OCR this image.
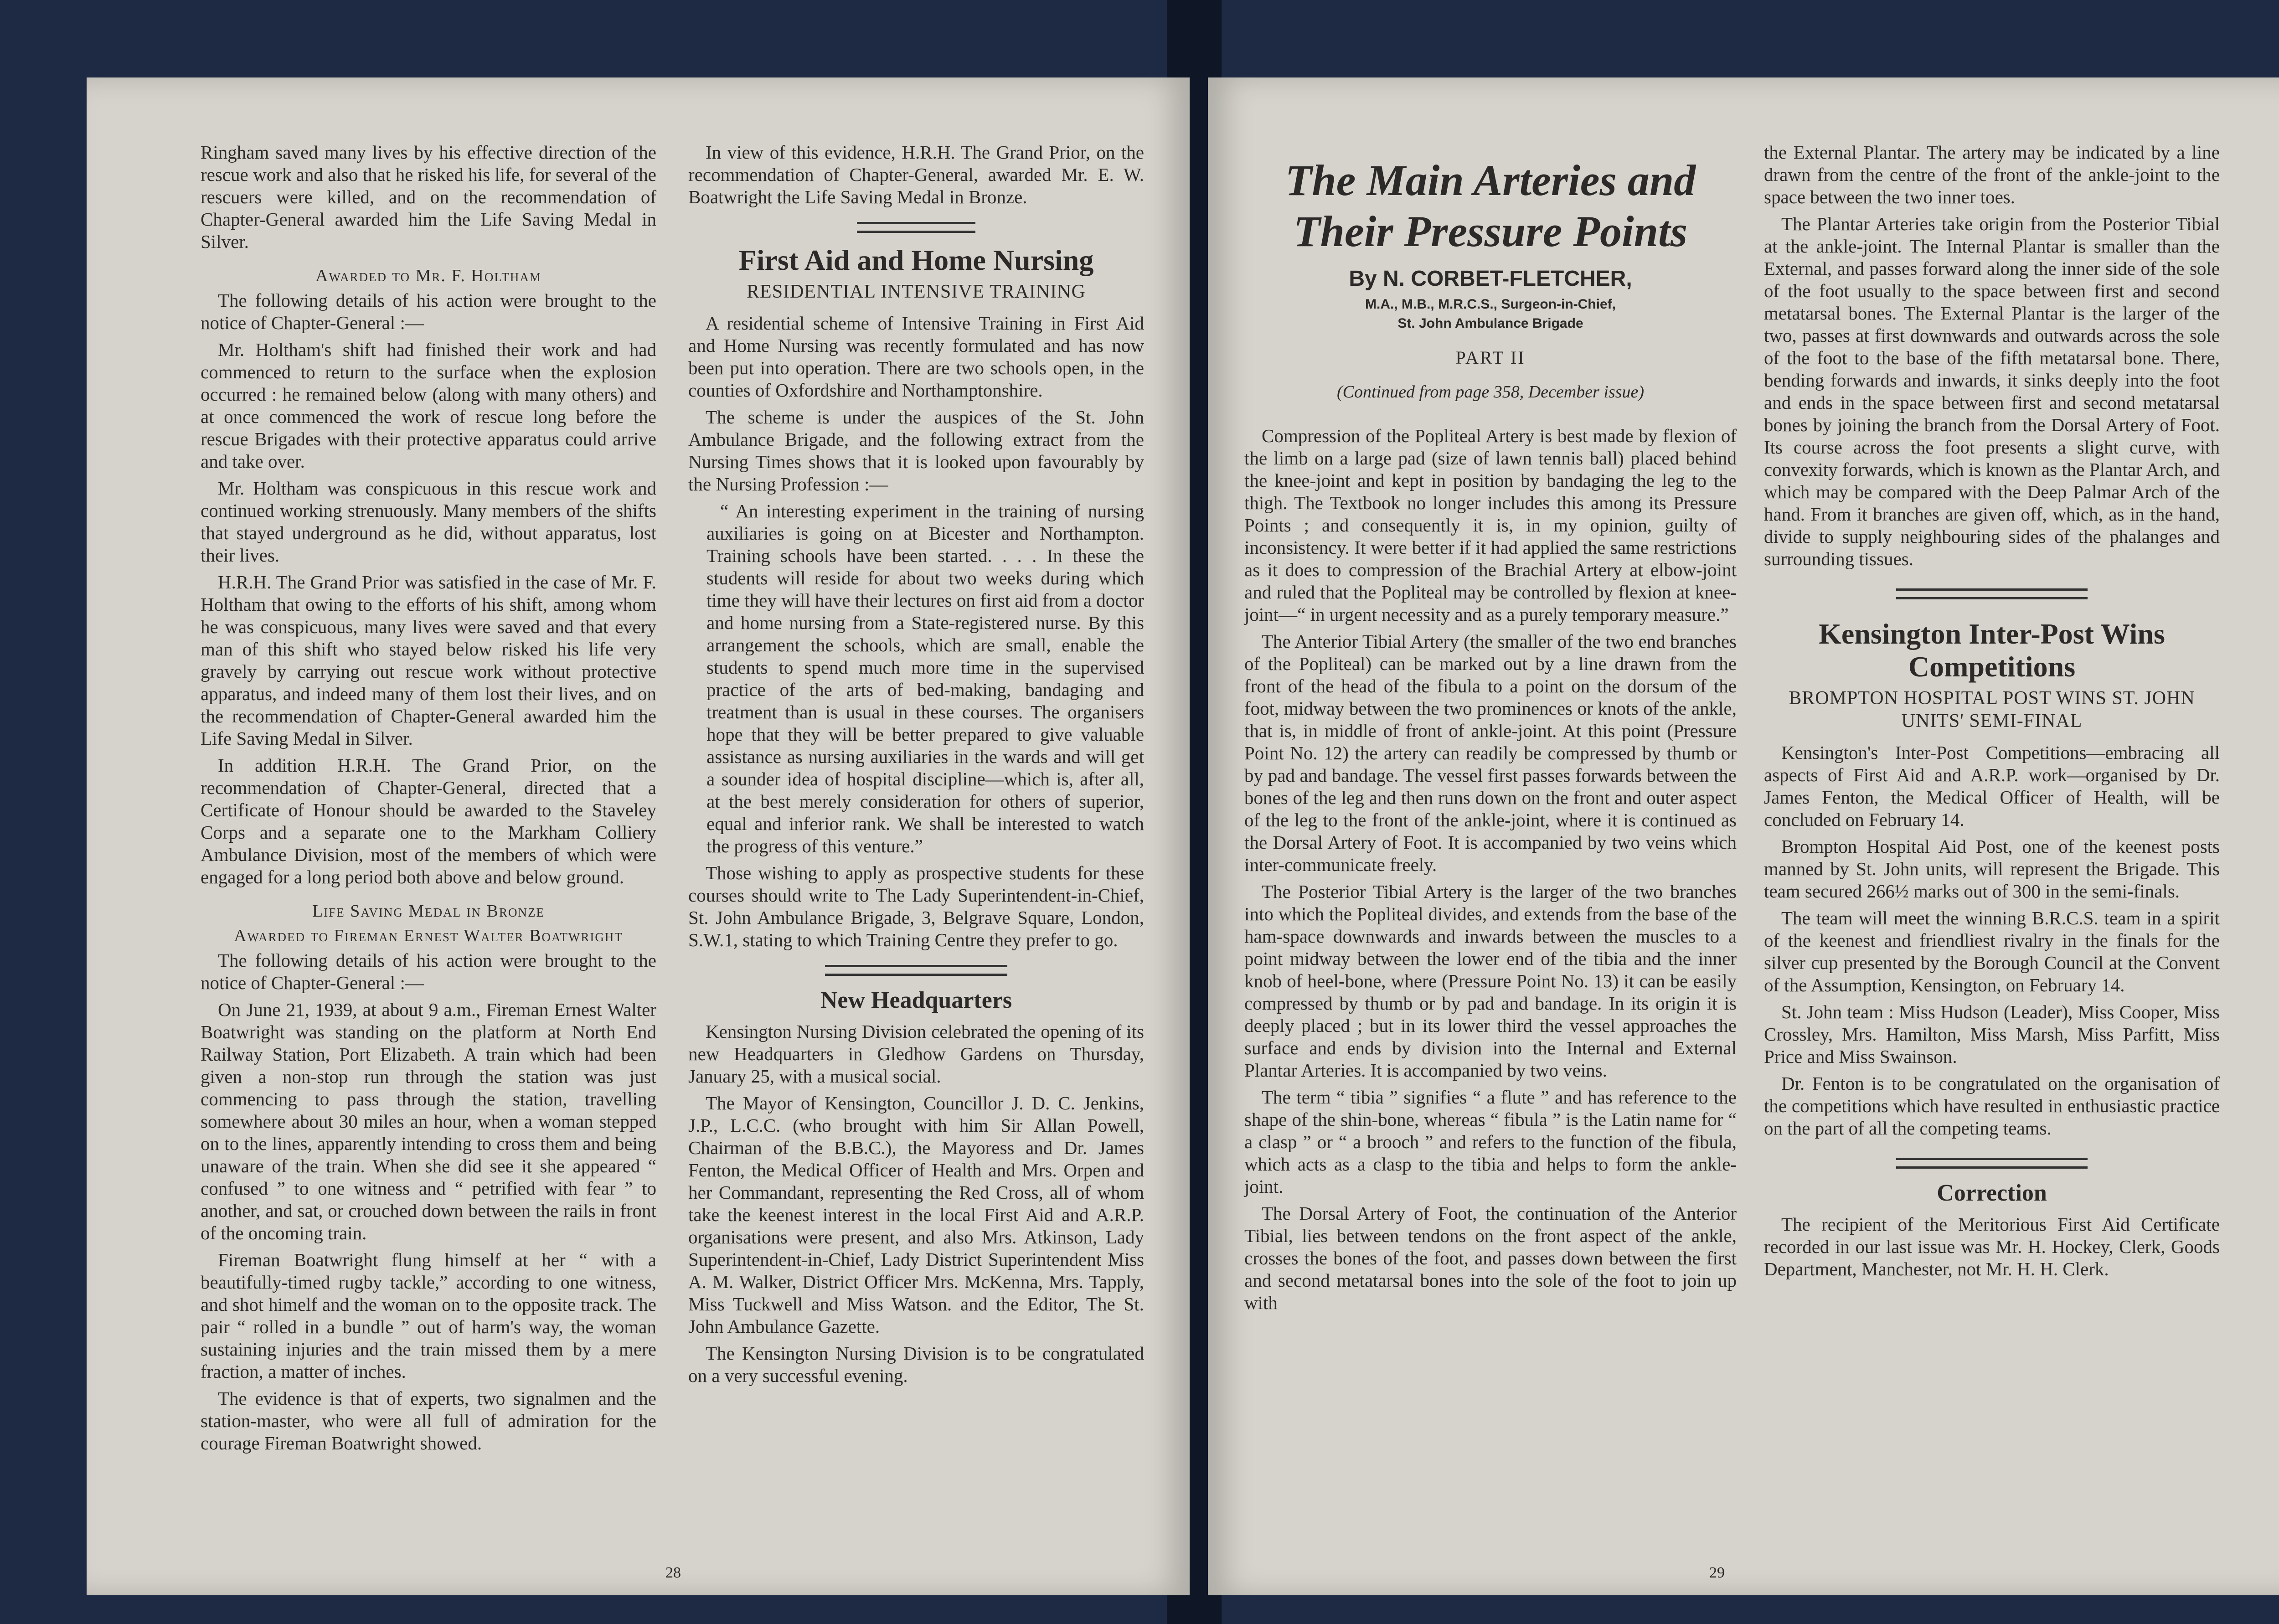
Ringham saved many lives by his effective direction of the rescue work and also that he risked his life, for several of the rescuers were killed, and on the recommendation of Chapter-General awarded him the Life Saving Medal in Silver.

Awarded to Mr. F. Holtham

The following details of his action were brought to the notice of Chapter-General :—

Mr. Holtham's shift had finished their work and had commenced to return to the surface when the explosion occurred : he remained below (along with many others) and at once commenced the work of rescue long before the rescue Brigades with their protective apparatus could arrive and take over.

Mr. Holtham was conspicuous in this rescue work and continued working strenuously. Many members of the shifts that stayed underground as he did, without apparatus, lost their lives.

H.R.H. The Grand Prior was satisfied in the case of Mr. F. Holtham that owing to the efforts of his shift, among whom he was conspicuous, many lives were saved and that every man of this shift who stayed below risked his life very gravely by carrying out rescue work without protective apparatus, and indeed many of them lost their lives, and on the recommendation of Chapter-General awarded him the Life Saving Medal in Silver.

In addition H.R.H. The Grand Prior, on the recommendation of Chapter-General, directed that a Certificate of Honour should be awarded to the Staveley Corps and a separate one to the Markham Colliery Ambulance Division, most of the members of which were engaged for a long period both above and below ground.

Life Saving Medal in Bronze
Awarded to Fireman Ernest Walter Boatwright

The following details of his action were brought to the notice of Chapter-General :—

On June 21, 1939, at about 9 a.m., Fireman Ernest Walter Boatwright was standing on the platform at North End Railway Station, Port Elizabeth. A train which had been given a non-stop run through the station was just commencing to pass through the station, travelling somewhere about 30 miles an hour, when a woman stepped on to the lines, apparently intending to cross them and being unaware of the train. When she did see it she appeared “ confused ” to one witness and “ petrified with fear ” to another, and sat, or crouched down between the rails in front of the oncoming train.

Fireman Boatwright flung himself at her “ with a beautifully-timed rugby tackle,” according to one witness, and shot himelf and the woman on to the opposite track. The pair “ rolled in a bundle ” out of harm's way, the woman sustaining injuries and the train missed them by a mere fraction, a matter of inches.

The evidence is that of experts, two signalmen and the station-master, who were all full of admiration for the courage Fireman Boatwright showed.

In view of this evidence, H.R.H. The Grand Prior, on the recommendation of Chapter-General, awarded Mr. E. W. Boatwright the Life Saving Medal in Bronze.

First Aid and Home Nursing
RESIDENTIAL INTENSIVE TRAINING

A residential scheme of Intensive Training in First Aid and Home Nursing was recently formulated and has now been put into operation. There are two schools open, in the counties of Oxfordshire and Northamptonshire.

The scheme is under the auspices of the St. John Ambulance Brigade, and the following extract from the Nursing Times shows that it is looked upon favourably by the Nursing Profession :—

“ An interesting experiment in the training of nursing auxiliaries is going on at Bicester and Northampton. Training schools have been started. . . . In these the students will reside for about two weeks during which time they will have their lectures on first aid from a doctor and home nursing from a State-registered nurse. By this arrangement the schools, which are small, enable the students to spend much more time in the supervised practice of the arts of bed-making, bandaging and treatment than is usual in these courses. The organisers hope that they will be better prepared to give valuable assistance as nursing auxiliaries in the wards and will get a sounder idea of hospital discipline—which is, after all, at the best merely consideration for others of superior, equal and inferior rank. We shall be interested to watch the progress of this venture.”

Those wishing to apply as prospective students for these courses should write to The Lady Superintendent-in-Chief, St. John Ambulance Brigade, 3, Belgrave Square, London, S.W.1, stating to which Training Centre they prefer to go.

New Headquarters

Kensington Nursing Division celebrated the opening of its new Headquarters in Gledhow Gardens on Thursday, January 25, with a musical social.

The Mayor of Kensington, Councillor J. D. C. Jenkins, J.P., L.C.C. (who brought with him Sir Allan Powell, Chairman of the B.B.C.), the Mayoress and Dr. James Fenton, the Medical Officer of Health and Mrs. Orpen and her Commandant, representing the Red Cross, all of whom take the keenest interest in the local First Aid and A.R.P. organisations were present, and also Mrs. Atkinson, Lady Superintendent-in-Chief, Lady District Superintendent Miss A. M. Walker, District Officer Mrs. McKenna, Mrs. Tapply, Miss Tuckwell and Miss Watson. and the Editor, The St. John Ambulance Gazette.

The Kensington Nursing Division is to be congratulated on a very successful evening.

28
The Main Arteries and
Their Pressure Points
By N. CORBET-FLETCHER,
M.A., M.B., M.R.C.S., Surgeon-in-Chief,
St. John Ambulance Brigade
PART II
(Continued from page 358, December issue)

Compression of the Popliteal Artery is best made by flexion of the limb on a large pad (size of lawn tennis ball) placed behind the knee-joint and kept in position by bandaging the leg to the thigh. The Textbook no longer includes this among its Pressure Points ; and consequently it is, in my opinion, guilty of inconsistency. It were better if it had applied the same restrictions as it does to compression of the Brachial Artery at elbow-joint and ruled that the Popliteal may be controlled by flexion at knee-joint—“ in urgent necessity and as a purely temporary measure.”

The Anterior Tibial Artery (the smaller of the two end branches of the Popliteal) can be marked out by a line drawn from the front of the head of the fibula to a point on the dorsum of the foot, midway between the two prominences or knots of the ankle, that is, in middle of front of ankle-joint. At this point (Pressure Point No. 12) the artery can readily be compressed by thumb or by pad and bandage. The vessel first passes forwards between the bones of the leg and then runs down on the front and outer aspect of the leg to the front of the ankle-joint, where it is continued as the Dorsal Artery of Foot. It is accompanied by two veins which inter-communicate freely.

The Posterior Tibial Artery is the larger of the two branches into which the Popliteal divides, and extends from the base of the ham-space downwards and inwards between the muscles to a point midway between the lower end of the tibia and the inner knob of heel-bone, where (Pressure Point No. 13) it can be easily compressed by thumb or by pad and bandage. In its origin it is deeply placed ; but in its lower third the vessel approaches the surface and ends by division into the Internal and External Plantar Arteries. It is accompanied by two veins.

The term “ tibia ” signifies “ a flute ” and has reference to the shape of the shin-bone, whereas “ fibula ” is the Latin name for “ a clasp ” or “ a brooch ” and refers to the function of the fibula, which acts as a clasp to the tibia and helps to form the ankle-joint.

The Dorsal Artery of Foot, the continuation of the Anterior Tibial, lies between tendons on the front aspect of the ankle, crosses the bones of the foot, and passes down between the first and second metatarsal bones into the sole of the foot to join up with

the External Plantar. The artery may be indicated by a line drawn from the centre of the front of the ankle-joint to the space between the two inner toes.

The Plantar Arteries take origin from the Posterior Tibial at the ankle-joint. The Internal Plantar is smaller than the External, and passes forward along the inner side of the sole of the foot usually to the space between first and second metatarsal bones. The External Plantar is the larger of the two, passes at first downwards and outwards across the sole of the foot to the base of the fifth metatarsal bone. There, bending forwards and inwards, it sinks deeply into the foot and ends in the space between first and second metatarsal bones by joining the branch from the Dorsal Artery of Foot. Its course across the foot presents a slight curve, with convexity forwards, which is known as the Plantar Arch, and which may be compared with the Deep Palmar Arch of the hand. From it branches are given off, which, as in the hand, divide to supply neighbouring sides of the phalanges and surrounding tissues.

Kensington Inter-Post Wins Competitions
BROMPTON HOSPITAL POST WINS ST. JOHN UNITS' SEMI-FINAL

Kensington's Inter-Post Competitions—embracing all aspects of First Aid and A.R.P. work—organised by Dr. James Fenton, the Medical Officer of Health, will be concluded on February 14.

Brompton Hospital Aid Post, one of the keenest posts manned by St. John units, will represent the Brigade. This team secured 266½ marks out of 300 in the semi-finals.

The team will meet the winning B.R.C.S. team in a spirit of the keenest and friendliest rivalry in the finals for the silver cup presented by the Borough Council at the Convent of the Assumption, Kensington, on February 14.

St. John team : Miss Hudson (Leader), Miss Cooper, Miss Crossley, Mrs. Hamilton, Miss Marsh, Miss Parfitt, Miss Price and Miss Swainson.

Dr. Fenton is to be congratulated on the organisation of the competitions which have resulted in enthusiastic practice on the part of all the competing teams.

Correction

The recipient of the Meritorious First Aid Certificate recorded in our last issue was Mr. H. Hockey, Clerk, Goods Department, Manchester, not Mr. H. H. Clerk.

29
